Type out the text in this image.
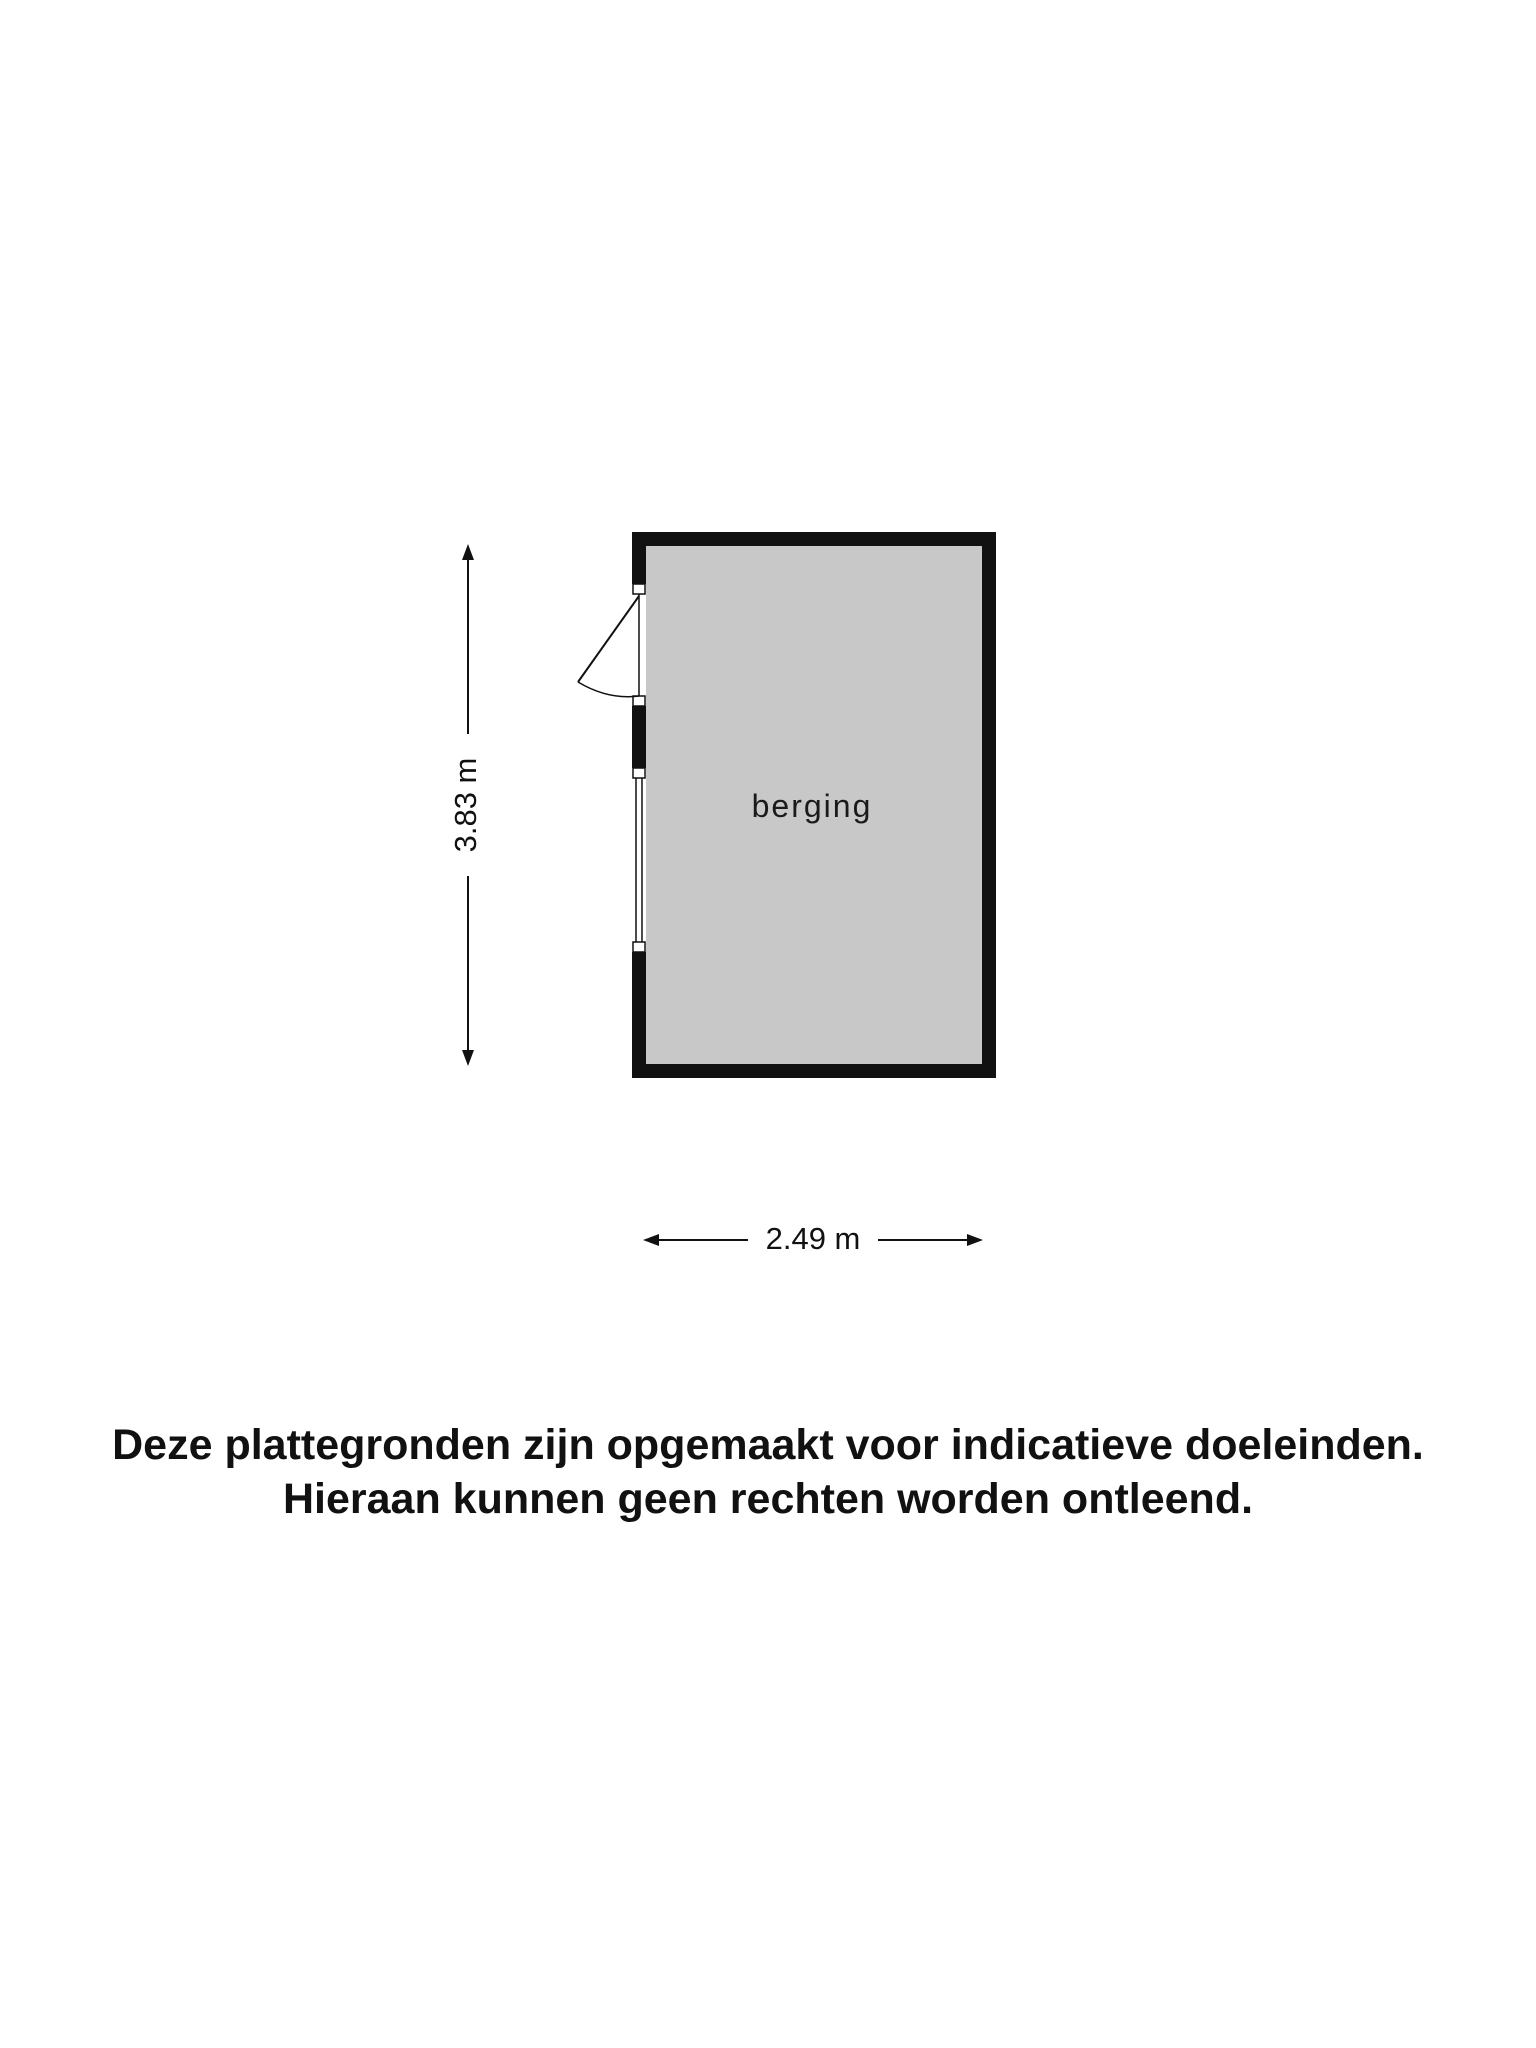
berging
3.83 m
2.49 m
Deze plattegronden zijn opgemaakt voor indicatieve doeleinden.
Hieraan kunnen geen rechten worden ontleend.
